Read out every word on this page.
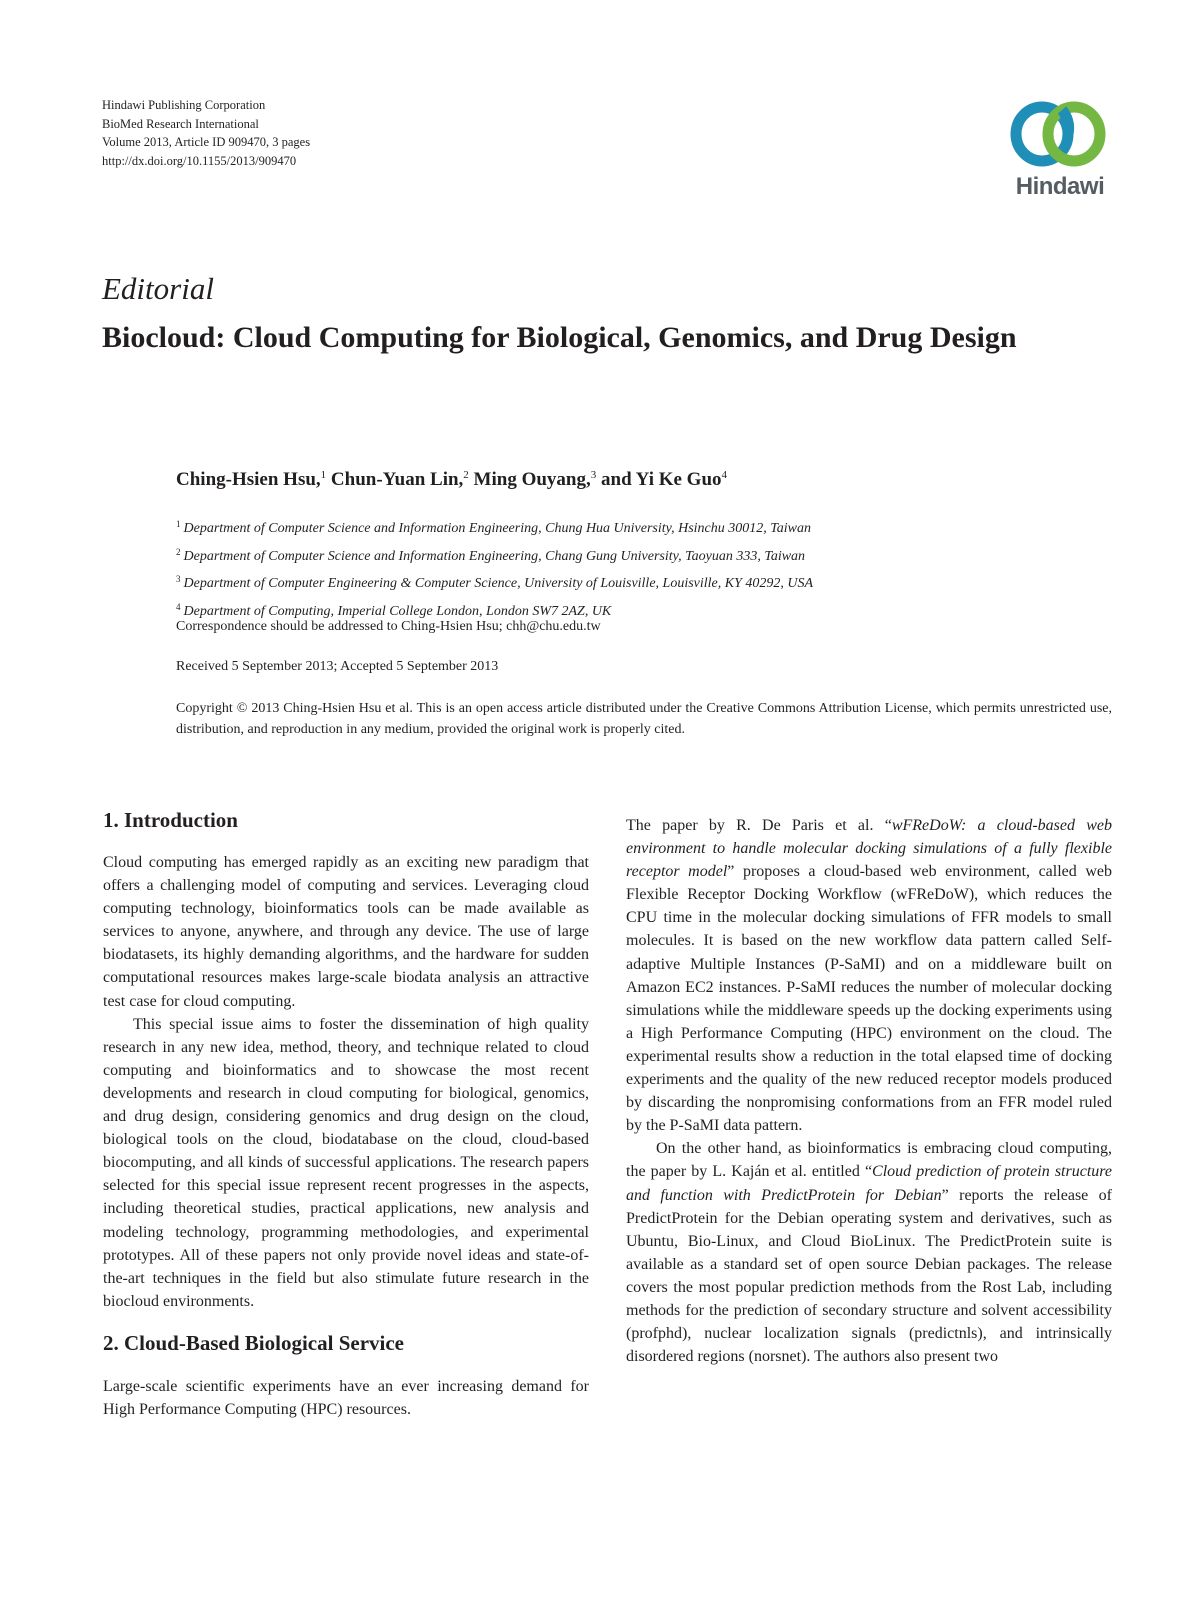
Hindawi Publishing Corporation
BioMed Research International
Volume 2013, Article ID 909470, 3 pages
http://dx.doi.org/10.1155/2013/909470
Hindawi
Editorial
Biocloud: Cloud Computing for Biological, Genomics, and Drug Design
Ching-Hsien Hsu,$^1$ Chun-Yuan Lin,$^2$ Ming Ouyang,$^3$ and Yi Ke Guo$^4$
$^1$ Department of Computer Science and Information Engineering, Chung Hua University, Hsinchu 30012, Taiwan
$^2$ Department of Computer Science and Information Engineering, Chang Gung University, Taoyuan 333, Taiwan
$^3$ Department of Computer Engineering & Computer Science, University of Louisville, Louisville, KY 40292, USA
$^4$ Department of Computing, Imperial College London, London SW7 2AZ, UK
Correspondence should be addressed to Ching-Hsien Hsu; chh@chu.edu.tw
Received 5 September 2013; Accepted 5 September 2013
Copyright © 2013 Ching-Hsien Hsu et al. This is an open access article distributed under the Creative Commons Attribution License, which permits unrestricted use, distribution, and reproduction in any medium, provided the original work is properly cited.
1. Introduction

Cloud computing has emerged rapidly as an exciting new paradigm that offers a challenging model of computing and services. Leveraging cloud computing technology, bioinformatics tools can be made available as services to anyone, anywhere, and through any device. The use of large biodatasets, its highly demanding algorithms, and the hardware for sudden computational resources makes large-scale biodata analysis an attractive test case for cloud computing.

This special issue aims to foster the dissemination of high quality research in any new idea, method, theory, and technique related to cloud computing and bioinformatics and to showcase the most recent developments and research in cloud computing for biological, genomics, and drug design, considering genomics and drug design on the cloud, biological tools on the cloud, biodatabase on the cloud, cloud-based biocomputing, and all kinds of successful applications. The research papers selected for this special issue represent recent progresses in the aspects, including theoretical studies, practical applications, new analysis and modeling technology, programming methodologies, and experimental prototypes. All of these papers not only provide novel ideas and state-of-the-art techniques in the field but also stimulate future research in the biocloud environments.

2. Cloud-Based Biological Service

Large-scale scientific experiments have an ever increasing demand for High Performance Computing (HPC) resources.

The paper by R. De Paris et al. “wFReDoW: a cloud-based web environment to handle molecular docking simulations of a fully flexible receptor model” proposes a cloud-based web environment, called web Flexible Receptor Docking Workflow (wFReDoW), which reduces the CPU time in the molecular docking simulations of FFR models to small molecules. It is based on the new workflow data pattern called Self-adaptive Multiple Instances (P-SaMI) and on a middleware built on Amazon EC2 instances. P-SaMI reduces the number of molecular docking simulations while the middleware speeds up the docking experiments using a High Performance Computing (HPC) environment on the cloud. The experimental results show a reduction in the total elapsed time of docking experiments and the quality of the new reduced receptor models produced by discarding the nonpromising conformations from an FFR model ruled by the P-SaMI data pattern.

On the other hand, as bioinformatics is embracing cloud computing, the paper by L. Kaján et al. entitled “Cloud prediction of protein structure and function with PredictProtein for Debian” reports the release of PredictProtein for the Debian operating system and derivatives, such as Ubuntu, Bio-Linux, and Cloud BioLinux. The PredictProtein suite is available as a standard set of open source Debian packages. The release covers the most popular prediction methods from the Rost Lab, including methods for the prediction of secondary structure and solvent accessibility (profphd), nuclear localization signals (predictnls), and intrinsically disordered regions (norsnet). The authors also present two
